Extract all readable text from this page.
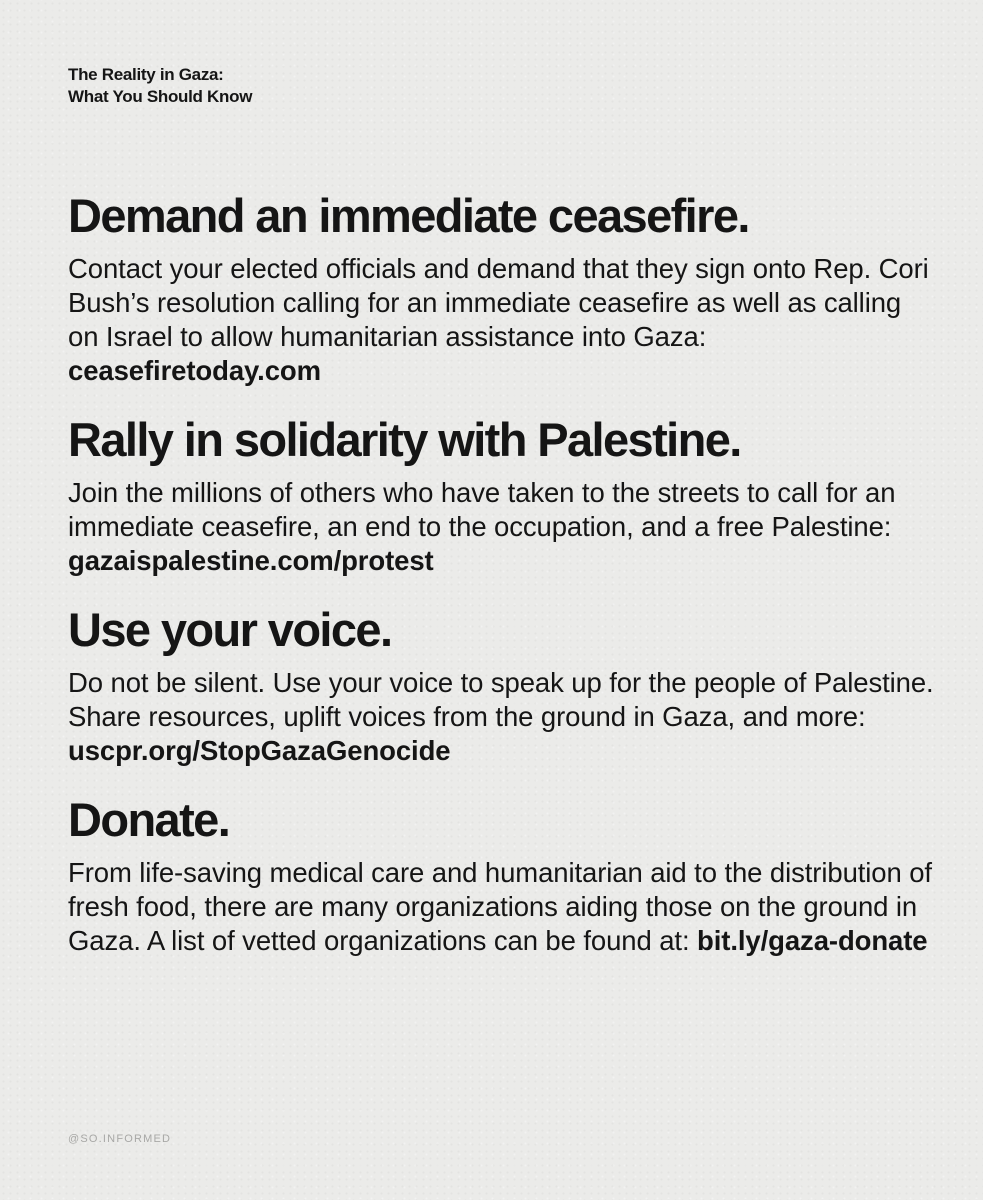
The Reality in Gaza:
What You Should Know
Demand an immediate ceasefire.

Contact your elected officials and demand that they sign onto Rep. Cori Bush’s resolution calling for an immediate ceasefire as well as calling on Israel to allow humanitarian assistance into Gaza: ceasefiretoday.com

Rally in solidarity with Palestine.

Join the millions of others who have taken to the streets to call for an immediate ceasefire, an end to the occupation, and a free Palestine: gazaispalestine.com/protest

Use your voice.

Do not be silent. Use your voice to speak up for the people of Palestine. Share resources, uplift voices from the ground in Gaza, and more: uscpr.org/StopGazaGenocide

Donate.

From life-saving medical care and humanitarian aid to the distribution of fresh food, there are many organizations aiding those on the ground in Gaza. A list of vetted organizations can be found at: bit.ly/gaza-donate

@SO.INFORMED
